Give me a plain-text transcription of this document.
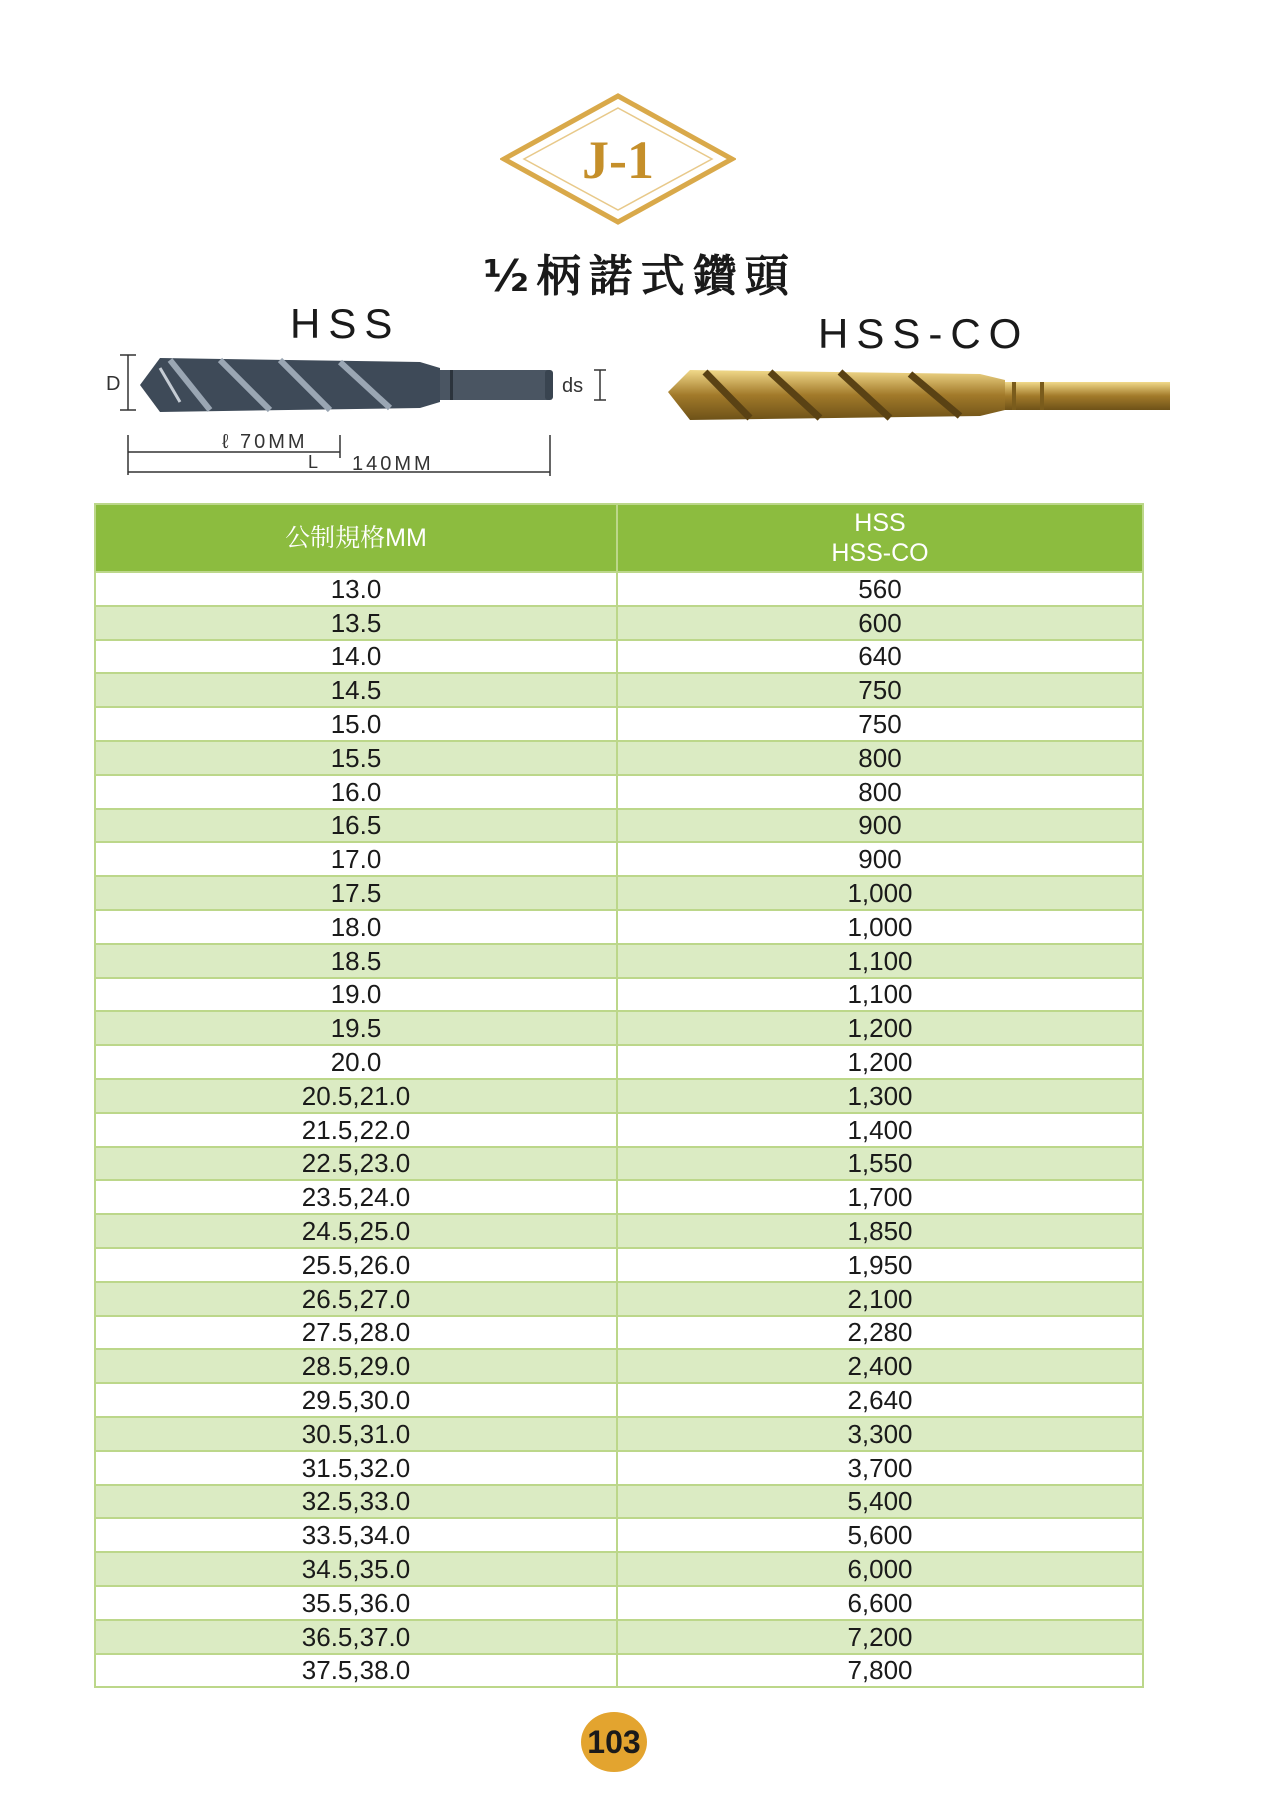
J-1
½柄諾式鑽頭
HSS	HSS-CO
D	ds
ℓ 70MM
L 140MM
公制規格MM	HSS
HSS-CO

13.0	560
13.5	600
14.0	640
14.5	750
15.0	750
15.5	800
16.0	800
16.5	900
17.0	900
17.5	1,000
18.0	1,000
18.5	1,100
19.0	1,100
19.5	1,200
20.0	1,200
20.5,21.0	1,300
21.5,22.0	1,400
22.5,23.0	1,550
23.5,24.0	1,700
24.5,25.0	1,850
25.5,26.0	1,950
26.5,27.0	2,100
27.5,28.0	2,280
28.5,29.0	2,400
29.5,30.0	2,640
30.5,31.0	3,300
31.5,32.0	3,700
32.5,33.0	5,400
33.5,34.0	5,600
34.5,35.0	6,000
35.5,36.0	6,600
36.5,37.0	7,200
37.5,38.0	7,800
103
